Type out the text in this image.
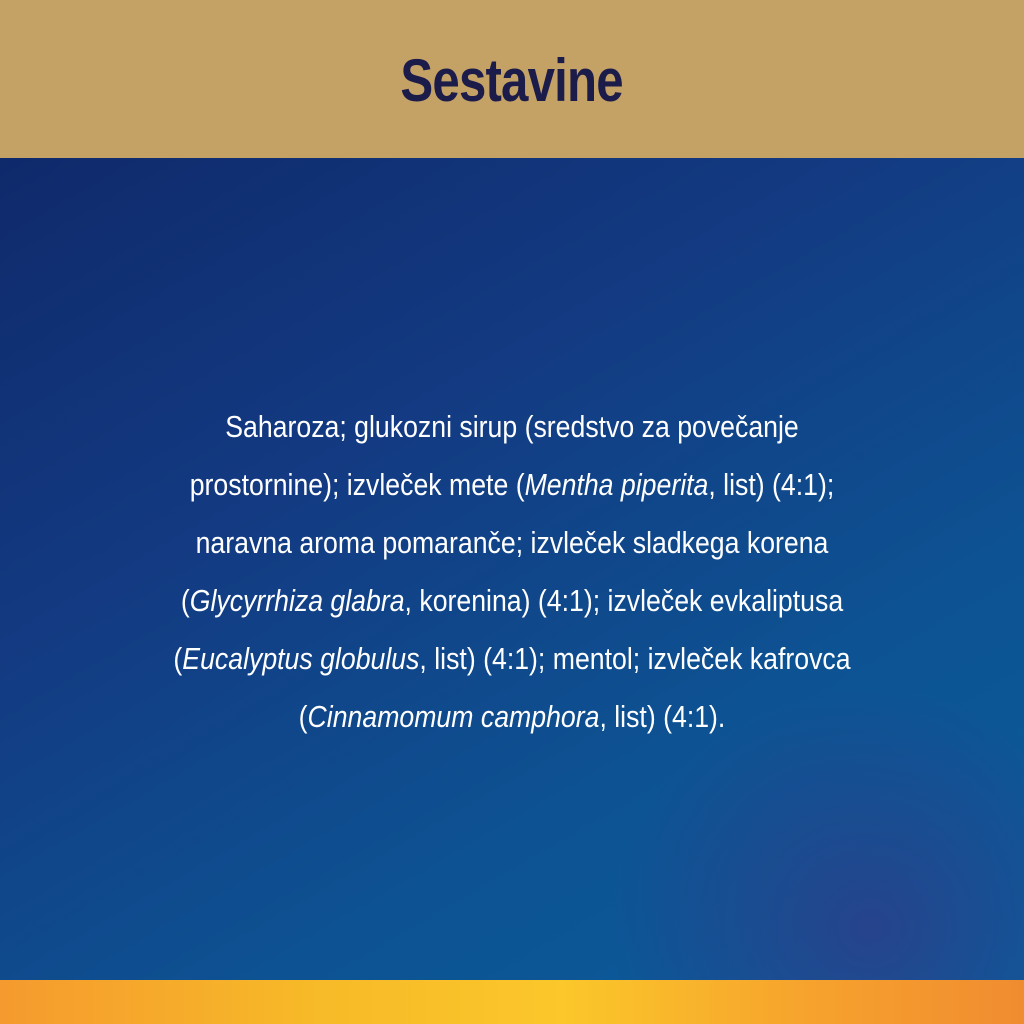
Sestavine
Saharoza; glukozni sirup (sredstvo za povečanje prostornine); izvleček mete (Mentha piperita, list) (4:1); naravna aroma pomaranče; izvleček sladkega korena (Glycyrrhiza glabra, korenina) (4:1); izvleček evkaliptusa (Eucalyptus globulus, list) (4:1); mentol; izvleček kafrovca (Cinnamomum camphora, list) (4:1).
